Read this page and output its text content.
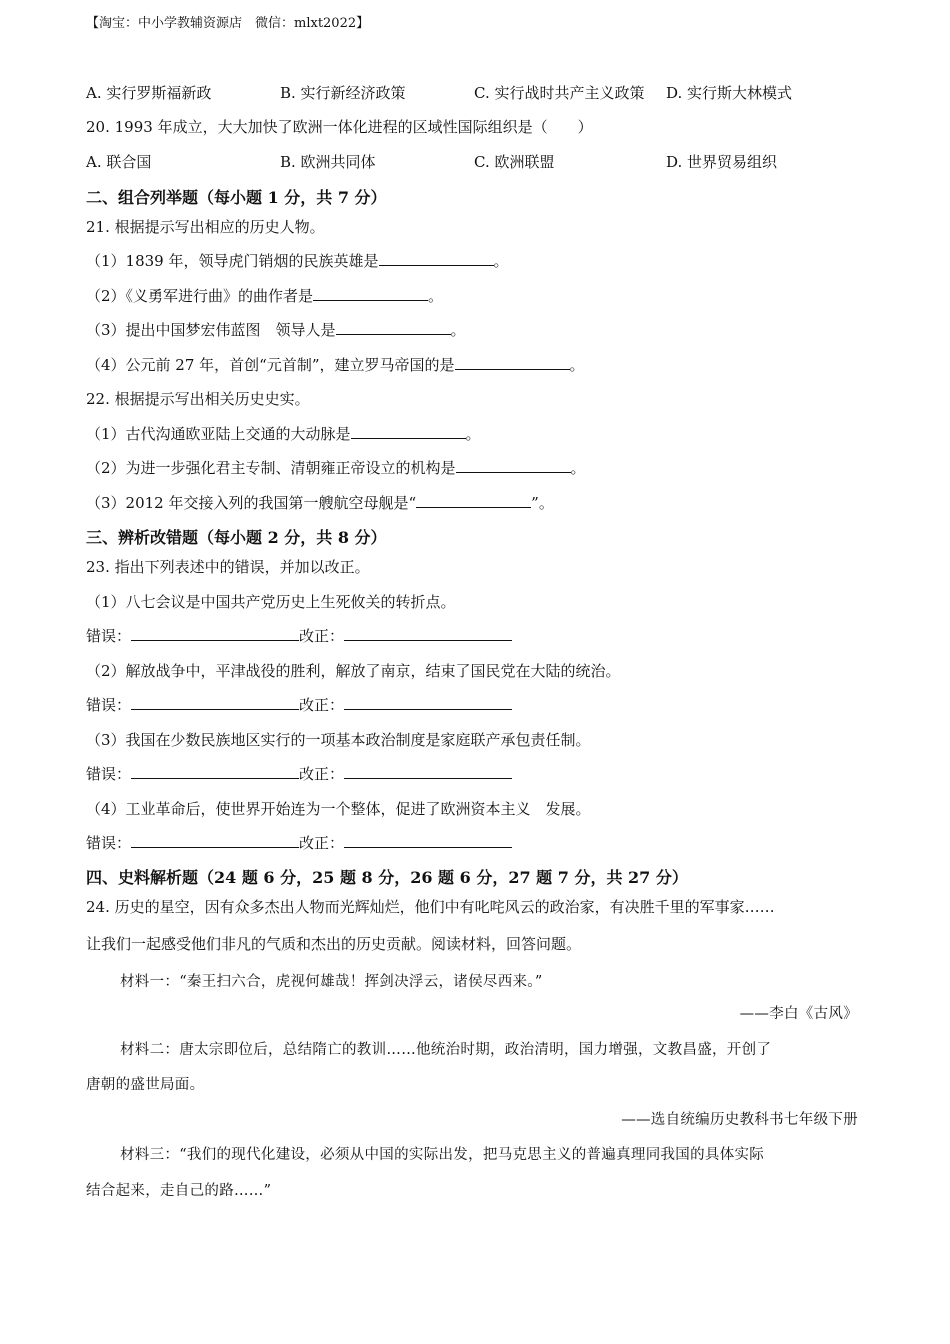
【淘宝：中小学教辅资源店　微信：mlxt2022】
A. 实行罗斯福新政	B. 实行新经济政策	C. 实行战时共产主义政策 D. 实行斯大林模式
20. 1993 年成立，大大加快了欧洲一体化进程的区域性国际组织是（　　）
A. 联合国	B. 欧洲共同体	C. 欧洲联盟	D. 世界贸易组织
二、组合列举题（每小题 1 分，共 7 分）
21. 根据提示写出相应的历史人物。
（1）1839 年，领导虎门销烟的民族英雄是	。
（2）《义勇军进行曲》的曲作者是	。
（3）提出中国梦宏伟蓝图　领导人是	。
（4）公元前 27 年，首创“元首制”，建立罗马帝国的是	。
22. 根据提示写出相关历史史实。
（1）古代沟通欧亚陆上交通的大动脉是	。
（2）为进一步强化君主专制、清朝雍正帝设立的机构是	。
（3）2012 年交接入列的我国第一艘航空母舰是“	”。
三、辨析改错题（每小题 2 分，共 8 分）
23. 指出下列表述中的错误，并加以改正。
（1）八七会议是中国共产党历史上生死攸关的转折点。
错误：	改正：
（2）解放战争中，平津战役的胜利，解放了南京，结束了国民党在大陆的统治。
错误：	改正：
（3）我国在少数民族地区实行的一项基本政治制度是家庭联产承包责任制。
错误：	改正：
（4）工业革命后，使世界开始连为一个整体，促进了欧洲资本主义　发展。
错误：	改正：
四、史料解析题（24 题 6 分，25 题 8 分，26 题 6 分，27 题 7 分，共 27 分）
24. 历史的星空，因有众多杰出人物而光辉灿烂，他们中有叱咤风云的政治家，有决胜千里的军事家……
让我们一起感受他们非凡的气质和杰出的历史贡献。阅读材料，回答问题。
材料一：“秦王扫六合，虎视何雄哉！挥剑决浮云，诸侯尽西来。”
——李白《古风》
材料二：唐太宗即位后，总结隋亡的教训……他统治时期，政治清明，国力增强，文教昌盛，开创了
唐朝的盛世局面。
——选自统编历史教科书七年级下册
材料三：“我们的现代化建设，必须从中国的实际出发，把马克思主义的普遍真理同我国的具体实际
结合起来，走自己的路……”
